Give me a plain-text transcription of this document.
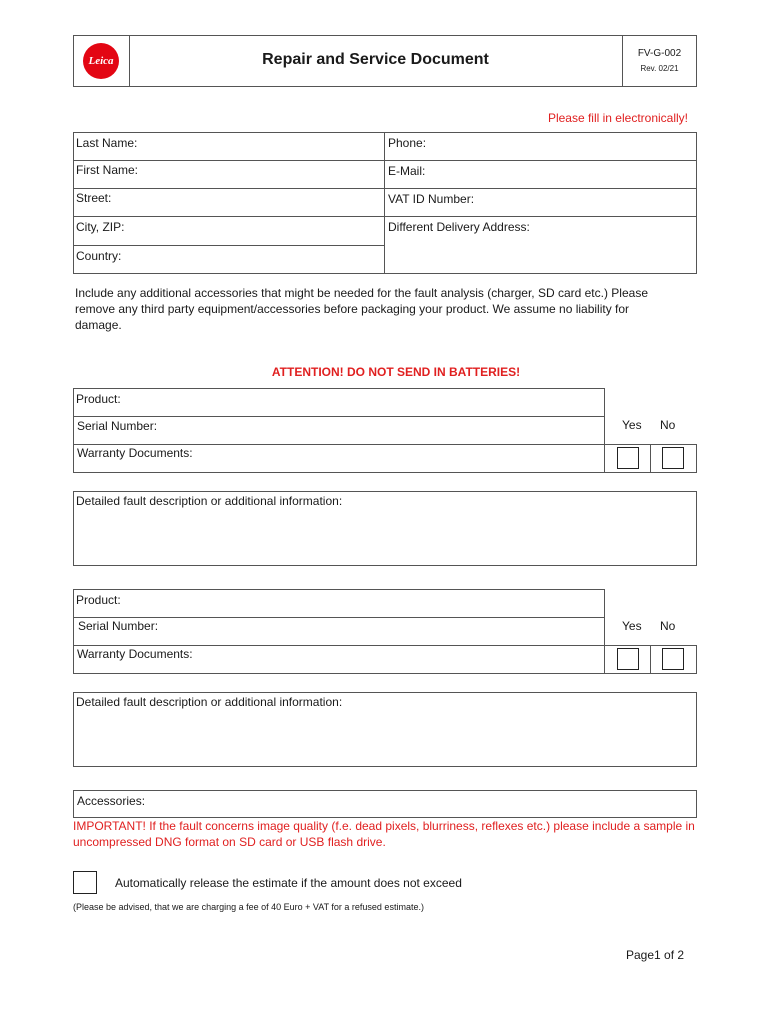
Leica	Repair and Service Document	FV-G-002
Rev. 02/21
Please fill in electronically!
Last Name:
First Name:
Street:
City, ZIP:
Country:
Phone:
E-Mail:
VAT ID Number:
Different Delivery Address:
Include any additional accessories that might be needed for the fault analysis (charger, SD card etc.) Please remove any third party equipment/accessories before packaging your product. We assume no liability for damage.
ATTENTION! DO NOT SEND IN BATTERIES!
Product:
Serial Number:
Warranty Documents:
Yes No
Detailed fault description or additional information:
Product:
Serial Number:
Warranty Documents:
Yes No
Detailed fault description or additional information:
Accessories:
IMPORTANT! If the fault concerns image quality (f.e. dead pixels, blurriness, reflexes etc.) please include a sample in uncompressed DNG format on SD card or USB flash drive.
Automatically release the estimate if the amount does not exceed
(Please be advised, that we are charging a fee of 40 Euro + VAT for a refused estimate.)
Page1 of 2
